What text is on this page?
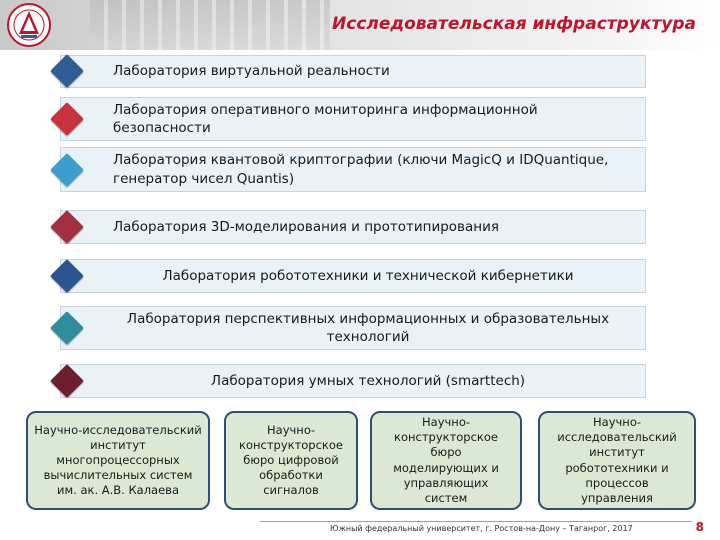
Исследовательская инфраструктура
Лаборатория виртуальной реальности
Лаборатория оперативного мониторинга информационной безопасности
Лаборатория квантовой криптографии (ключи MagicQ и IDQuantique, генератор чисел Quantis)
Лаборатория 3D-моделирования и прототипирования
Лаборатория робототехники и технической кибернетики
Лаборатория перспективных информационных и образовательных технологий
Лаборатория умных технологий (smarttech)
Научно-исследовательский институт многопроцессорных вычислительных систем им. ак. А.В. Калаева
Научно-конструкторское бюро цифровой обработки сигналов
Научно-конструкторское бюро моделирующих и управляющих систем
Научно-исследовательский институт робототехники и процессов управления
Южный федеральный университет, г. Ростов-на-Дону – Таганрог, 2017	8
